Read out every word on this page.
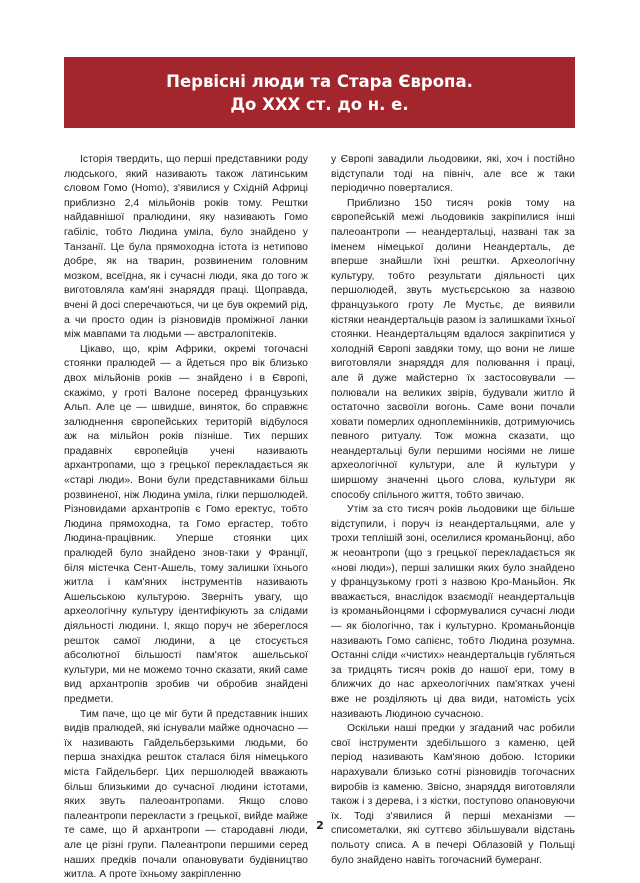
Первісні люди та Стара Європа.
До XXX ст. до н. е.

Історія твердить, що перші представники роду людського, який називають також латинським словом Гомо (Homo), з'явилися у Східній Африці приблизно 2,4 мільйонів років тому. Рештки найдавнішої пралюдини, яку називають Гомо габіліс, тобто Людина уміла, було знайдено у Танзанії. Це була прямоходна істота із нетипово добре, як на тварин, розвиненим головним мозком, всеїдна, як і сучасні люди, яка до того ж виготовляла кам'яні знаряддя праці. Щоправда, вчені й досі сперечаються, чи це був окремий рід, а чи просто один із різновидів проміжної ланки між мавпами та людьми — австралопітеків.

Цікаво, що, крім Африки, окремі тогочасні стоянки пралюдей — а йдеться про вік близько двох мільйонів років — знайдено і в Європі, скажімо, у гроті Валоне посеред французьких Альп. Але це — швидше, виняток, бо справжнє залюднення європейських територій відбулося аж на мільйон років пізніше. Тих перших прадавніх європейців учені називають архантропами, що з грецької перекладається як «старі люди». Вони були представниками більш розвиненої, ніж Людина уміла, гілки першолюдей. Різновидами архантропів є Гомо еректус, тобто Людина прямоходна, та Гомо ергастер, тобто Людина-працівник. Уперше стоянки цих пралюдей було знайдено знов-таки у Франції, біля містечка Сент-Ашель, тому залишки їхнього житла і кам'яних інструментів називають Ашельською культурою. Зверніть увагу, що археологічну культуру ідентифікують за слідами діяльності людини. І, якщо поруч не збереглося решток самої людини, а це стосується абсолютної більшості пам'яток ашельської культури, ми не можемо точно сказати, який саме вид архантропів зробив чи обробив знайдені предмети.

Тим паче, що це міг бути й представник інших видів пралюдей, які існували майже одночасно — їх називають Гайдельберзькими людьми, бо перша знахідка решток сталася біля німецького міста Гайдельберг. Цих першолюдей вважають більш близькими до сучасної людини істотами, яких звуть палеоантропами. Якщо слово палеантропи перекласти з грецької, вийде майже те саме, що й архантропи — стародавні люди, але це різні групи. Палеантропи першими серед наших предків почали опановувати будівництво житла. А проте їхньому закріпленню

у Європі завадили льодовики, які, хоч і постійно відступали тоді на північ, але все ж таки періодично поверталися.

Приблизно 150 тисяч років тому на європейській межі льодовиків закріпилися інші палеоантропи — неандертальці, названі так за іменем німецької долини Неандерталь, де вперше знайшли їхні рештки. Археологічну культуру, тобто результати діяльності цих першолюдей, звуть мустьєрською за назвою французького гроту Ле Мустьє, де виявили кістяки неандертальців разом із залишками їхньої стоянки. Неандертальцям вдалося закріпитися у холодній Європі завдяки тому, що вони не лише виготовляли знаряддя для полювання і праці, але й дуже майстерно їх застосовували — полювали на великих звірів, будували житло й остаточно засвоїли вогонь. Саме вони почали ховати померлих одноплемінників, дотримуючись певного ритуалу. Тож можна сказати, що неандертальці були першими носіями не лише археологічної культури, але й культури у ширшому значенні цього слова, культури як способу спільного життя, тобто звичаю.

Утім за сто тисяч років льодовики ще більше відступили, і поруч із неандертальцями, але у трохи теплішій зоні, оселилися кроманьйонці, або ж неоантропи (що з грецької перекладається як «нові люди»), перші залишки яких було знайдено у французькому гроті з назвою Кро-Маньйон. Як вважається, внаслідок взаємодії неандертальців із кроманьйонцями і сформувалися сучасні люди — як біологічно, так і культурно. Кроманьйонців називають Гомо сапієнс, тобто Людина розумна. Останні сліди «чистих» неандертальців губляться за тридцять тисяч років до нашої ери, тому в ближчих до нас археологічних пам'ятках учені вже не розділяють ці два види, натомість усіх називають Людиною сучасною.

Оскільки наші предки у згаданий час робили свої інструменти здебільшого з каменю, цей період називають Кам'яною добою. Історики нарахували близько сотні різновидів тогочасних виробів із каменю. Звісно, знаряддя виготовляли також і з дерева, і з кістки, поступово опановуючи їх. Тоді з'явилися й перші механізми — списометалки, які суттєво збільшували відстань польоту списа. А в печері Облазовій у Польщі було знайдено навіть тогочасний бумеранг.

2
